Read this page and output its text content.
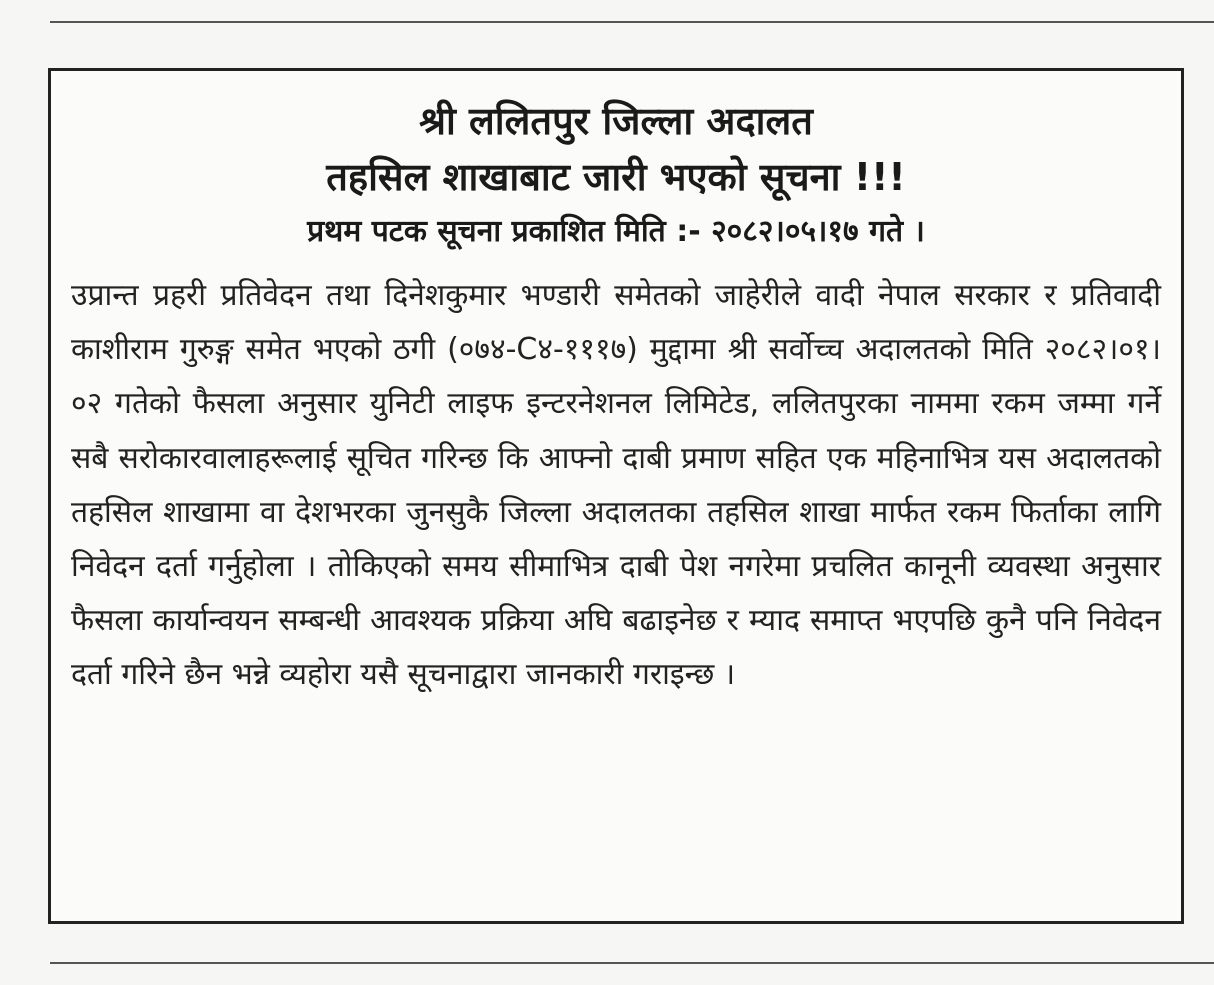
श्री ललितपुर जिल्ला अदालत
तहसिल शाखाबाट जारी भएको सूचना !!!

प्रथम पटक सूचना प्रकाशित मिति :- २०८२।०५।१७ गते ।

उप्रान्त प्रहरी प्रतिवेदन तथा दिनेशकुमार भण्डारी समेतको जाहेरीले वादी नेपाल सरकार र प्रतिवादी काशीराम गुरुङ्ग समेत भएको ठगी (०७४-C४-१११७) मुद्दामा श्री सर्वोच्च अदालतको मिति २०८२।०१।०२ गतेको फैसला अनुसार युनिटी लाइफ इन्टरनेशनल लिमिटेड, ललितपुरका नाममा रकम जम्मा गर्ने सबै सरोकारवालाहरूलाई सूचित गरिन्छ कि आफ्नो दाबी प्रमाण सहित एक महिनाभित्र यस अदालतको तहसिल शाखामा वा देशभरका जुनसुकै जिल्ला अदालतका तहसिल शाखा मार्फत रकम फिर्ताका लागि निवेदन दर्ता गर्नुहोला । तोकिएको समय सीमाभित्र दाबी पेश नगरेमा प्रचलित कानूनी व्यवस्था अनुसार फैसला कार्यान्वयन सम्बन्धी आवश्यक प्रक्रिया अघि बढाइनेछ र म्याद समाप्त भएपछि कुनै पनि निवेदन दर्ता गरिने छैन भन्ने व्यहोरा यसै सूचनाद्वारा जानकारी गराइन्छ ।
